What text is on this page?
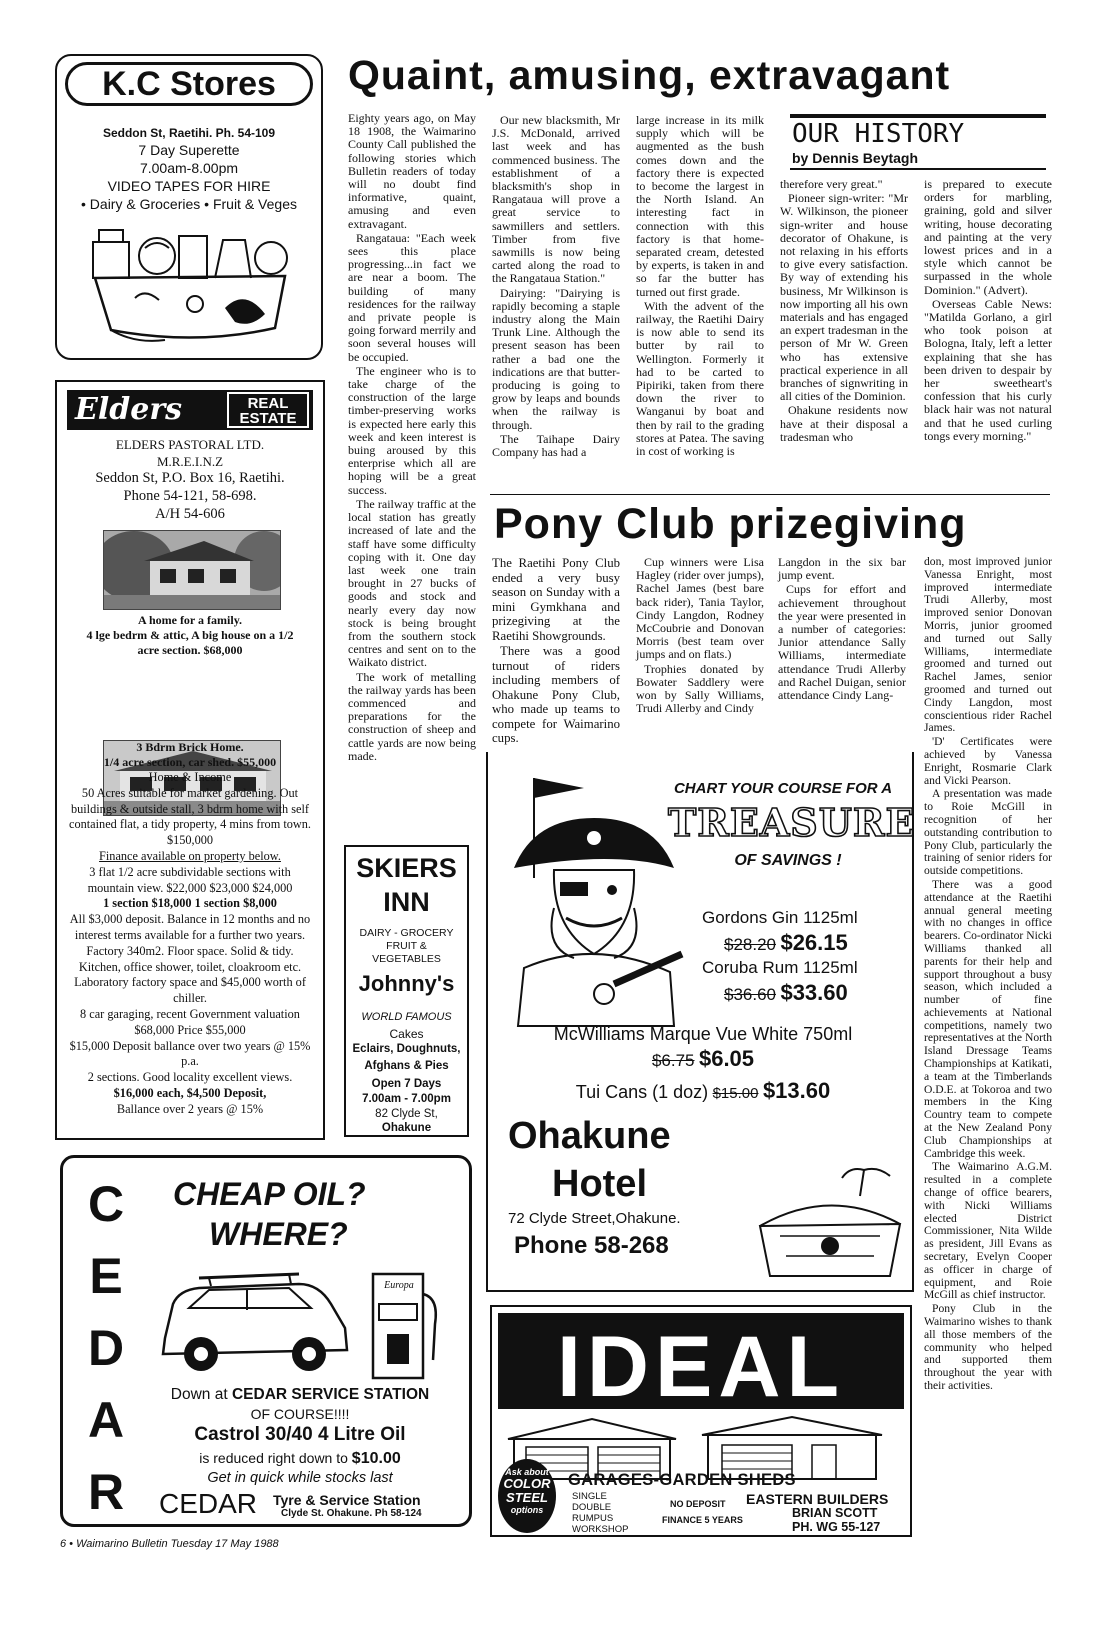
K.C Stores
Seddon St, Raetihi. Ph. 54-109
7 Day Superette
7.00am-8.00pm
VIDEO TAPES FOR HIRE
• Dairy & Groceries • Fruit & Veges
Elders	REAL
ESTATE
ELDERS PASTORAL LTD.
M.R.E.I.N.Z
Seddon St, P.O. Box 16, Raetihi.
Phone 54-121, 58-698.
A/H 54-606
A home for a family.
4 lge bedrm & attic, A big house on a 1/2 acre section. $68,000
3 Bdrm Brick Home.
1/4 acre section, car shed. $55,000
Home & Income
50 Acres suitable for market gardening. Out buildings & outside stall, 3 bdrm home with self contained flat, a tidy property, 4 mins from town. $150,000
Finance available on property below.
3 flat 1/2 acre subdividable sections with mountain view. $22,000 $23,000 $24,000
1 section $18,000 1 section $8,000
All $3,000 deposit. Balance in 12 months and no interest terms available for a further two years.
Factory 340m2. Floor space. Solid & tidy. Kitchen, office shower, toilet, cloakroom etc. Laboratory factory space and $45,000 worth of chiller.
8 car garaging, recent Government valuation $68,000 Price $55,000
$15,000 Deposit ballance over two years @ 15% p.a.
2 sections. Good locality excellent views.
$16,000 each, $4,500 Deposit,
Ballance over 2 years @ 15%
C
E
D
A
R
CHEAP OIL?
WHERE?
Europa
Down at CEDAR SERVICE STATION
OF COURSE!!!!
Castrol 30/40 4 Litre Oil
is reduced right down to $10.00
Get in quick while stocks last
CEDAR	Tyre & Service Station
Clyde St. Ohakune. Ph 58-124
6 • Waimarino Bulletin Tuesday 17 May 1988
Quaint, amusing, extravagant

Eighty years ago, on May 18 1908, the Waimarino County Call published the following stories which Bulletin readers of today will no doubt find informative, quaint, amusing and even extravagant.

Rangataua: "Each week sees this place progressing...in fact we are near a boom. The building of many residences for the railway and private people is going forward merrily and soon several houses will be occupied.

The engineer who is to take charge of the construction of the large timber-preserving works is expected here early this week and keen interest is buing aroused by this enterprise which all are hoping will be a great success.

The railway traffic at the local station has greatly increased of late and the staff have some difficulty coping with it. One day last week one train brought in 27 bucks of goods and stock and nearly every day now stock is being brought from the southern stock centres and sent on to the Waikato district.

The work of metalling the railway yards has been commenced and preparations for the construction of sheep and cattle yards are now being made.

Our new blacksmith, Mr J.S. McDonald, arrived last week and has commenced business. The establishment of a blacksmith's shop in Rangataua will prove a great service to sawmillers and settlers. Timber from five sawmills is now being carted along the road to the Rangataua Station."

Dairying: "Dairying is rapidly becoming a staple industry along the Main Trunk Line. Although the present season has been rather a bad one the indications are that butter-producing is going to grow by leaps and bounds when the railway is through.

The Taihape Dairy Company has had a

large increase in its milk supply which will be augmented as the bush comes down and the factory there is expected to become the largest in the North Island. An interesting fact in connection with this factory is that home-separated cream, detested by experts, is taken in and so far the butter has turned out first grade.

With the advent of the railway, the Raetihi Dairy is now able to send its butter by rail to Wellington. Formerly it had to be carted to Pipiriki, taken from there down the river to Wanganui by boat and then by rail to the grading stores at Patea. The saving in cost of working is

OUR HISTORY
by Dennis Beytagh

therefore very great."

Pioneer sign-writer: "Mr W. Wilkinson, the pioneer sign-writer and house decorator of Ohakune, is not relaxing in his efforts to give every satisfaction. By way of extending his business, Mr Wilkinson is now importing all his own materials and has engaged an expert tradesman in the person of Mr W. Green who has extensive practical experience in all branches of signwriting in all cities of the Dominion.

Ohakune residents now have at their disposal a tradesman who

is prepared to execute orders for marbling, graining, gold and silver writing, house decorating and painting at the very lowest prices and in a style which cannot be surpassed in the whole Dominion." (Advert).

Overseas Cable News: "Matilda Gorlano, a girl who took poison at Bologna, Italy, left a letter explaining that she has been driven to despair by her sweetheart's confession that his curly black hair was not natural and that he used curling tongs every morning."

SKIERS
INN
DAIRY - GROCERY
FRUIT &
VEGETABLES
Johnny's
WORLD FAMOUS
Cakes
Eclairs, Doughnuts,
Afghans & Pies
Open 7 Days
7.00am - 7.00pm
82 Clyde St,
Ohakune
Pony Club prizegiving

The Raetihi Pony Club ended a very busy season on Sunday with a mini Gymkhana and prizegiving at the Raetihi Showgrounds.

There was a good turnout of riders including members of Ohakune Pony Club, who made up teams to compete for Waimarino cups.

Cup winners were Lisa Hagley (rider over jumps), Rachel James (best bare back rider), Tania Taylor, Cindy Langdon, Rodney McCoubrie and Donovan Morris (best team over jumps and on flats.)

Trophies donated by Bowater Saddlery were won by Sally Williams, Trudi Allerby and Cindy

Langdon in the six bar jump event.

Cups for effort and achievement throughout the year were presented in a number of categories: Junior attendance Sally Williams, intermediate attendance Trudi Allerby and Rachel Duigan, senior attendance Cindy Lang-

don, most improved junior Vanessa Enright, most improved intermediate Trudi Allerby, most improved senior Donovan Morris, junior groomed and turned out Sally Williams, intermediate groomed and turned out Rachel James, senior groomed and turned out Cindy Langdon, most conscientious rider Rachel James.

'D' Certificates were achieved by Vanessa Enright, Rosmarie Clark and Vicki Pearson.

A presentation was made to Roie McGill in recognition of her outstanding contribution to Pony Club, particularly the training of senior riders for outside competitions.

There was a good attendance at the Raetihi annual general meeting with no changes in office bearers. Co-ordinator Nicki Williams thanked all parents for their help and support throughout a busy season, which included a number of fine achievements at National competitions, namely two representatives at the North Island Dressage Teams Championships at Katikati, a team at the Timberlands O.D.E. at Tokoroa and two members in the King Country team to compete at the New Zealand Pony Club Championships at Cambridge this week.

The Waimarino A.G.M. resulted in a complete change of office bearers, with Nicki Williams elected District Commissioner, Nita Wilde as president, Jill Evans as secretary, Evelyn Cooper as officer in charge of equipment, and Roie McGill as chief instructor.

Pony Club in the Waimarino wishes to thank all those members of the community who helped and supported them throughout the year with their activities.

CHART YOUR COURSE FOR A
TREASURE
OF SAVINGS !
Gordons Gin 1125ml
$28.20 $26.15
Coruba Rum 1125ml
$36.60 $33.60
McWilliams Marque Vue White 750ml
$6.75 $6.05
Tui Cans (1 doz) $15.00 $13.60
Ohakune
Hotel
72 Clyde Street,Ohakune.
Phone 58-268
IDEAL
Ask about
COLOR
STEEL
options
GARAGES-GARDEN SHEDS
SINGLE
DOUBLE
RUMPUS
WORKSHOP
NO DEPOSIT
FINANCE 5 YEARS
EASTERN BUILDERS
BRIAN SCOTT
PH. WG 55-127
